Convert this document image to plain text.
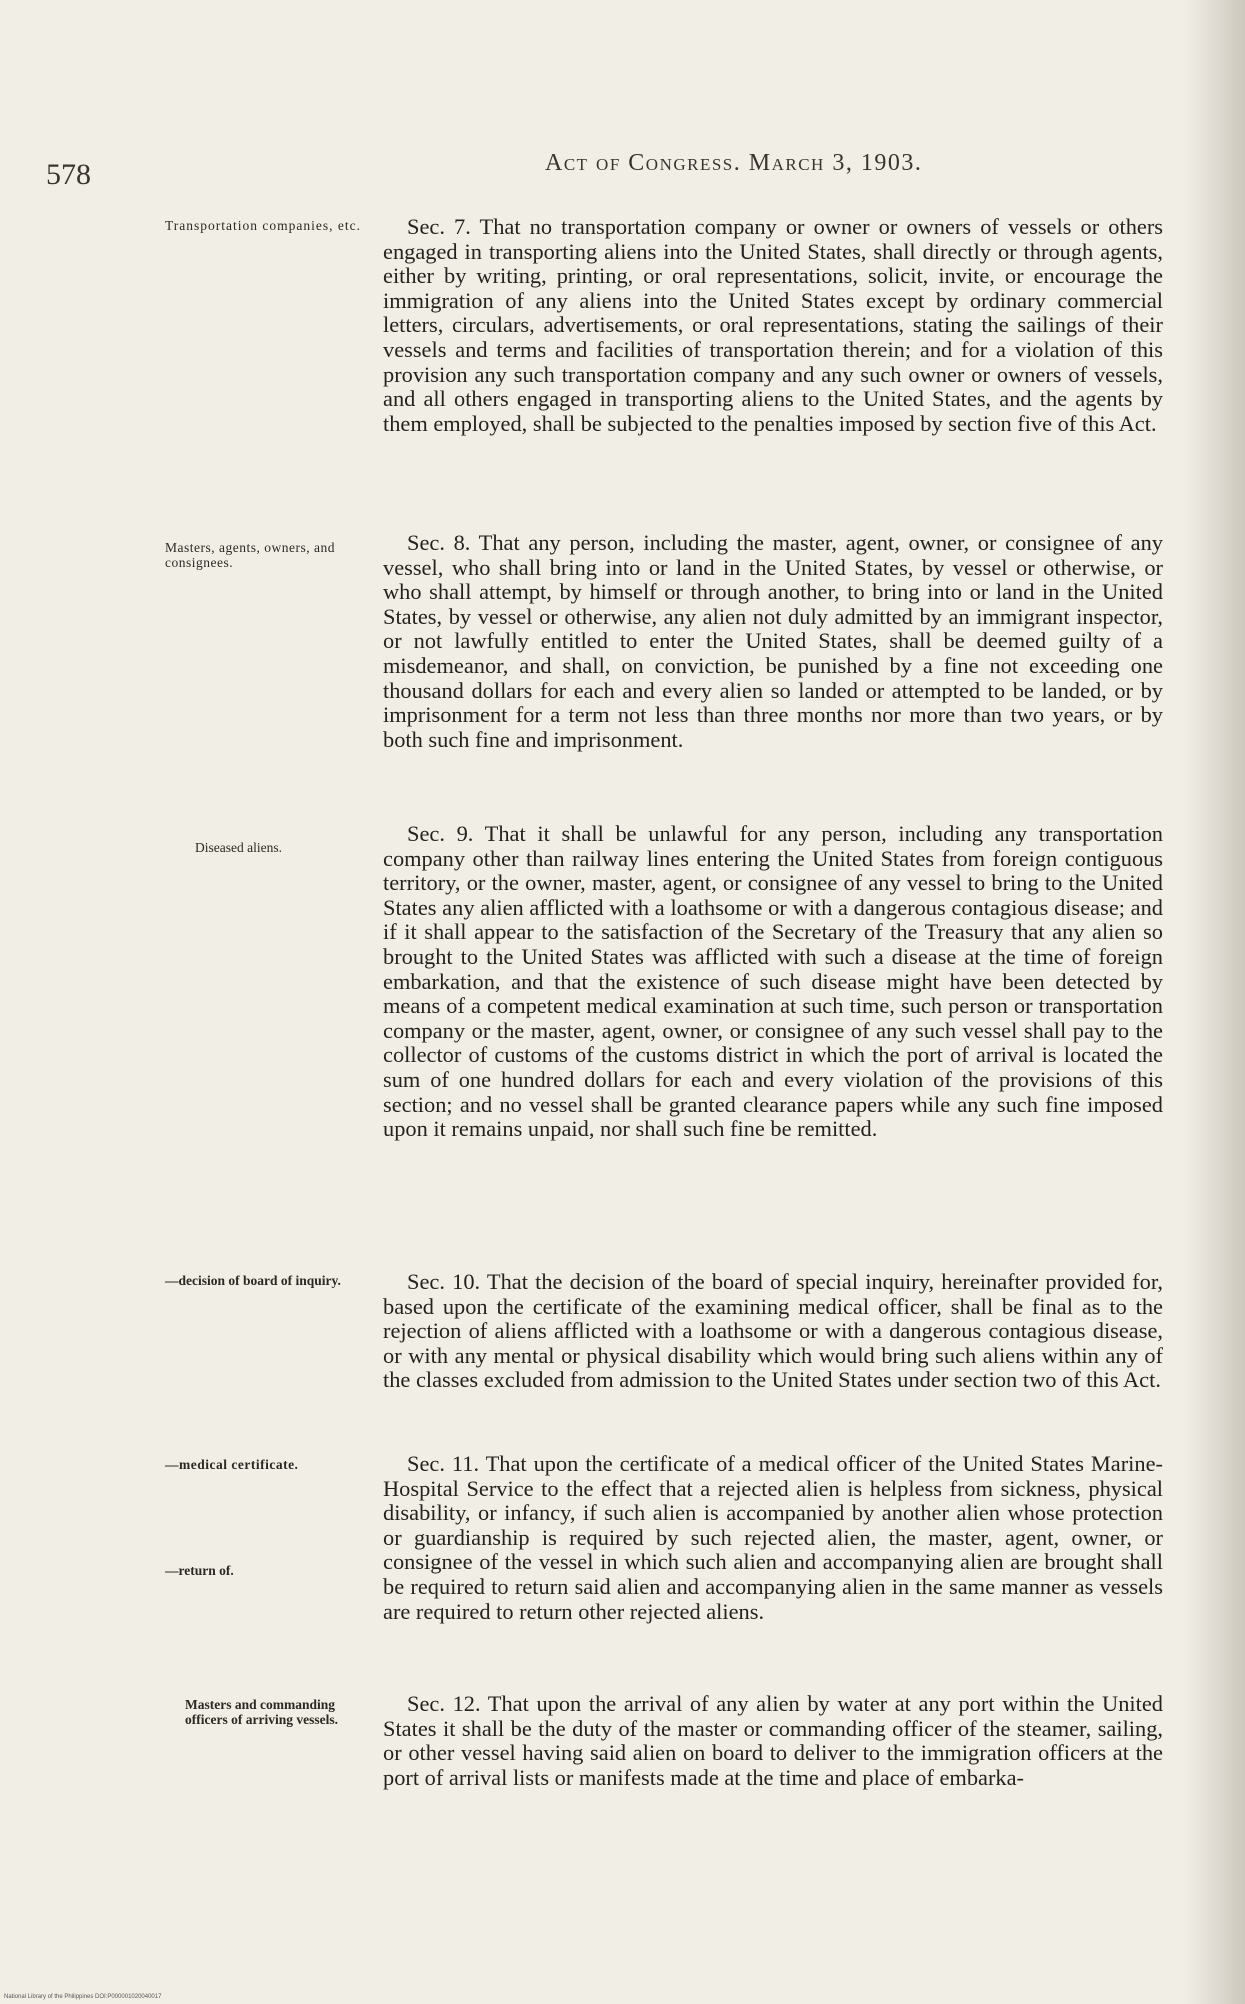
578	Act of Congress. March 3, 1903.
Transportation companies, etc.
Masters, agents, owners, and consignees.
Diseased aliens.
—decision of board of inquiry.
—medical certificate.
—return of.
Masters and commanding officers of arriving vessels.
Sec. 7. That no transportation company or owner or owners of vessels or others engaged in transporting aliens into the United States, shall directly or through agents, either by writing, printing, or oral representations, solicit, invite, or encourage the immigration of any aliens into the United States except by ordinary commercial letters, circulars, advertisements, or oral representations, stating the sailings of their vessels and terms and facilities of transportation therein; and for a violation of this provision any such transportation company and any such owner or owners of vessels, and all others engaged in transporting aliens to the United States, and the agents by them employed, shall be subjected to the penalties imposed by section five of this Act.
Sec. 8. That any person, including the master, agent, owner, or consignee of any vessel, who shall bring into or land in the United States, by vessel or otherwise, or who shall attempt, by himself or through another, to bring into or land in the United States, by vessel or otherwise, any alien not duly admitted by an immigrant inspector, or not lawfully entitled to enter the United States, shall be deemed guilty of a misdemeanor, and shall, on conviction, be punished by a fine not exceeding one thousand dollars for each and every alien so landed or attempted to be landed, or by imprisonment for a term not less than three months nor more than two years, or by both such fine and imprisonment.
Sec. 9. That it shall be unlawful for any person, including any transportation company other than railway lines entering the United States from foreign contiguous territory, or the owner, master, agent, or consignee of any vessel to bring to the United States any alien afflicted with a loathsome or with a dangerous contagious disease; and if it shall appear to the satisfaction of the Secretary of the Treasury that any alien so brought to the United States was afflicted with such a disease at the time of foreign embarkation, and that the existence of such disease might have been detected by means of a competent medical examination at such time, such person or transportation company or the master, agent, owner, or consignee of any such vessel shall pay to the collector of customs of the customs district in which the port of arrival is located the sum of one hundred dollars for each and every violation of the provisions of this section; and no vessel shall be granted clearance papers while any such fine imposed upon it remains unpaid, nor shall such fine be remitted.
Sec. 10. That the decision of the board of special inquiry, hereinafter provided for, based upon the certificate of the examining medical officer, shall be final as to the rejection of aliens afflicted with a loathsome or with a dangerous contagious disease, or with any mental or physical disability which would bring such aliens within any of the classes excluded from admission to the United States under section two of this Act.
Sec. 11. That upon the certificate of a medical officer of the United States Marine-Hospital Service to the effect that a rejected alien is helpless from sickness, physical disability, or infancy, if such alien is accompanied by another alien whose protection or guardianship is required by such rejected alien, the master, agent, owner, or consignee of the vessel in which such alien and accompanying alien are brought shall be required to return said alien and accompanying alien in the same manner as vessels are required to return other rejected aliens.
Sec. 12. That upon the arrival of any alien by water at any port within the United States it shall be the duty of the master or commanding officer of the steamer, sailing, or other vessel having said alien on board to deliver to the immigration officers at the port of arrival lists or manifests made at the time and place of embarka-
National Library of the Philippines DOI:P000001020040017
